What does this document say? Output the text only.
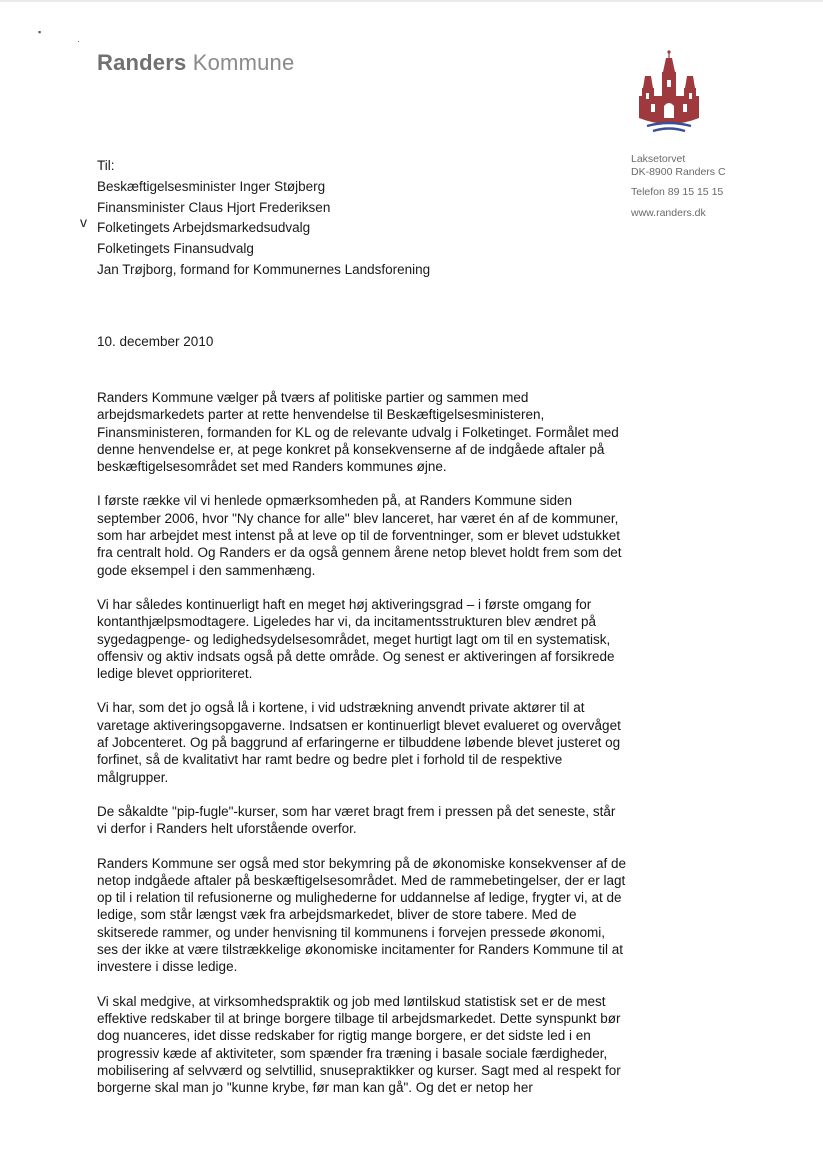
▪
·
Randers Kommune
Laksetorvet
DK-8900 Randers C
Telefon 89 15 15 15
www.randers.dk
Til:
Beskæftigelsesminister Inger Støjberg
Finansminister Claus Hjort Frederiksen
Folketingets Arbejdsmarkedsudvalg
Folketingets Finansudvalg
Jan Trøjborg, formand for Kommunernes Landsforening
v
10. december 2010

Randers Kommune vælger på tværs af politiske partier og sammen med arbejdsmarkedets parter at rette henvendelse til Beskæftigelsesministeren, Finansministeren, formanden for KL og de relevante udvalg i Folketinget. Formålet med denne henvendelse er, at pege konkret på konsekvenserne af de indgåede aftaler på beskæftigelsesområdet set med Randers kommunes øjne.

I første række vil vi henlede opmærksomheden på, at Randers Kommune siden september 2006, hvor "Ny chance for alle" blev lanceret, har været én af de kommuner, som har arbejdet mest intenst på at leve op til de forventninger, som er blevet udstukket fra centralt hold. Og Randers er da også gennem årene netop blevet holdt frem som det gode eksempel i den sammenhæng.

Vi har således kontinuerligt haft en meget høj aktiveringsgrad – i første omgang for kontanthjælpsmodtagere. Ligeledes har vi, da incitamentsstrukturen blev ændret på sygedagpenge- og ledighedsydelsesområdet, meget hurtigt lagt om til en systematisk, offensiv og aktiv indsats også på dette område. Og senest er aktiveringen af forsikrede ledige blevet opprioriteret.

Vi har, som det jo også lå i kortene, i vid udstrækning anvendt private aktører til at varetage aktiveringsopgaverne. Indsatsen er kontinuerligt blevet evalueret og overvåget af Jobcenteret. Og på baggrund af erfaringerne er tilbuddene løbende blevet justeret og forfinet, så de kvalitativt har ramt bedre og bedre plet i forhold til de respektive målgrupper.

De såkaldte "pip-fugle"-kurser, som har været bragt frem i pressen på det seneste, står vi derfor i Randers helt uforstående overfor.

Randers Kommune ser også med stor bekymring på de økonomiske konsekvenser af de netop indgåede aftaler på beskæftigelsesområdet. Med de rammebetingelser, der er lagt op til i relation til refusionerne og mulighederne for uddannelse af ledige, frygter vi, at de ledige, som står længst væk fra arbejdsmarkedet, bliver de store tabere. Med de skitserede rammer, og under henvisning til kommunens i forvejen pressede økonomi, ses der ikke at være tilstrækkelige økonomiske incitamenter for Randers Kommune til at investere i disse ledige.

Vi skal medgive, at virksomhedspraktik og job med løntilskud statistisk set er de mest effektive redskaber til at bringe borgere tilbage til arbejdsmarkedet. Dette synspunkt bør dog nuanceres, idet disse redskaber for rigtig mange borgere, er det sidste led i en progressiv kæde af aktiviteter, som spænder fra træning i basale sociale færdigheder, mobilisering af selvværd og selvtillid, snusepraktikker og kurser. Sagt med al respekt for borgerne skal man jo "kunne krybe, før man kan gå". Og det er netop her
